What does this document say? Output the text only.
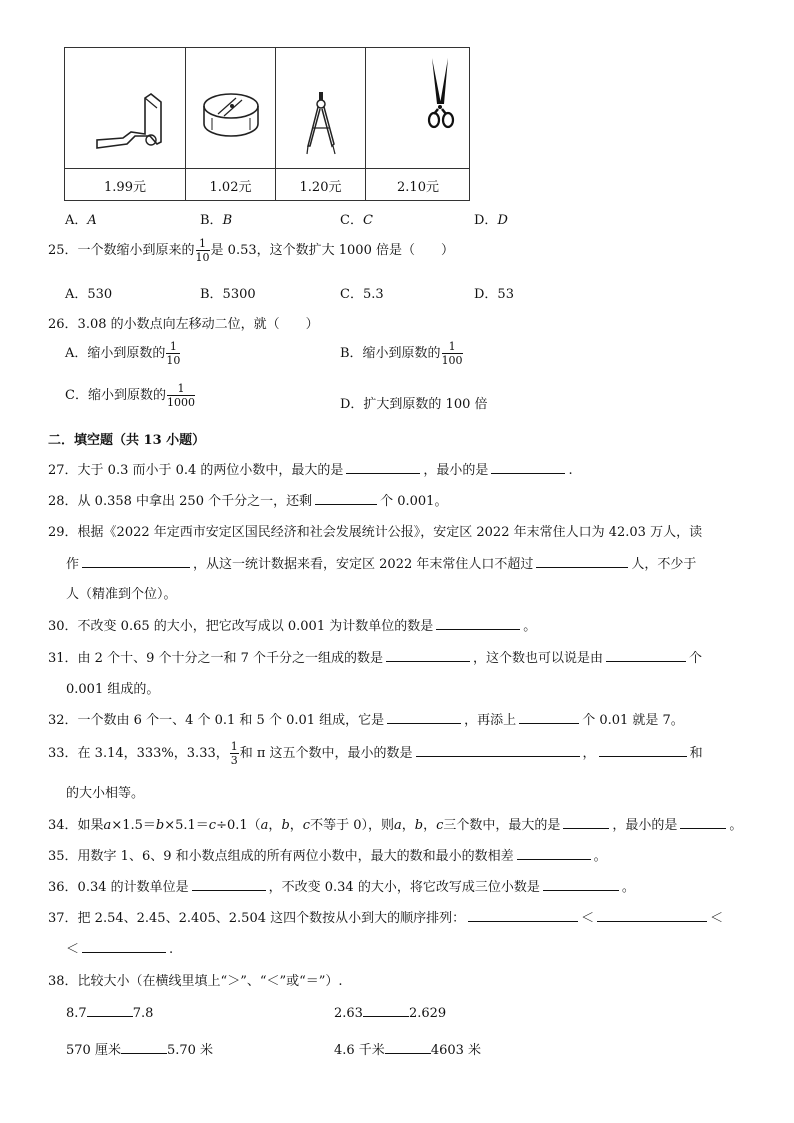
1.99元	1.02元	1.20元	2.10元
A．A	B．B	C．C	D．D
25．一个数缩小到原来的 $\frac{1}{10}$ 是 0.53，这个数扩大 1000 倍是（　　）
A．530	B．5300	C．5.3	D．53
26．3.08 的小数点向左移动二位，就（　　）
A．缩小到原数的 $\frac{1}{10}$	B．缩小到原数的 $\frac{1}{100}$
C．缩小到原数的 $\frac{1}{1000}$	D．扩大到原数的 100 倍
二．填空题（共 13 小题）
27．大于 0.3 而小于 0.4 的两位小数中，最大的是	，最小的是	.
28．从 0.358 中拿出 250 个千分之一，还剩	个 0.001。
29．根据《2022 年定西市安定区国民经济和社会发展统计公报》，安定区 2022 年末常住人口为 42.03 万人，读
作	，从这一统计数据来看，安定区 2022 年末常住人口不超过	人，不少于
人（精准到个位）。
30．不改变 0.65 的大小，把它改写成以 0.001 为计数单位的数是	。
31．由 2 个十、9 个十分之一和 7 个千分之一组成的数是	，这个数也可以说是由	个
0.001 组成的。
32．一个数由 6 个一、4 个 0.1 和 5 个 0.01 组成，它是	，再添上	个 0.01 就是 7。
33．在 3.14，333%，3.33， $\frac{1}{3}$ 和 π 这五个数中，最小的数是	，	和
的大小相等。
34．如果a×1.5＝b×5.1＝c÷0.1（a，b，c不等于 0），则a，b，c三个数中，最大的是	，最小的是	。
35．用数字 1、6、9 和小数点组成的所有两位小数中，最大的数和最小的数相差	。
36．0.34 的计数单位是	，不改变 0.34 的大小，将它改写成三位小数是	。
37．把 2.54、2.45、2.405、2.504 这四个数按从小到大的顺序排列：	＜	＜
＜	.
38．比较大小（在横线里填上“＞”、“＜”或“＝”）.
8.7	7.8	2.63	2.629
570 厘米	5.70 米	4.6 千米	4603 米
